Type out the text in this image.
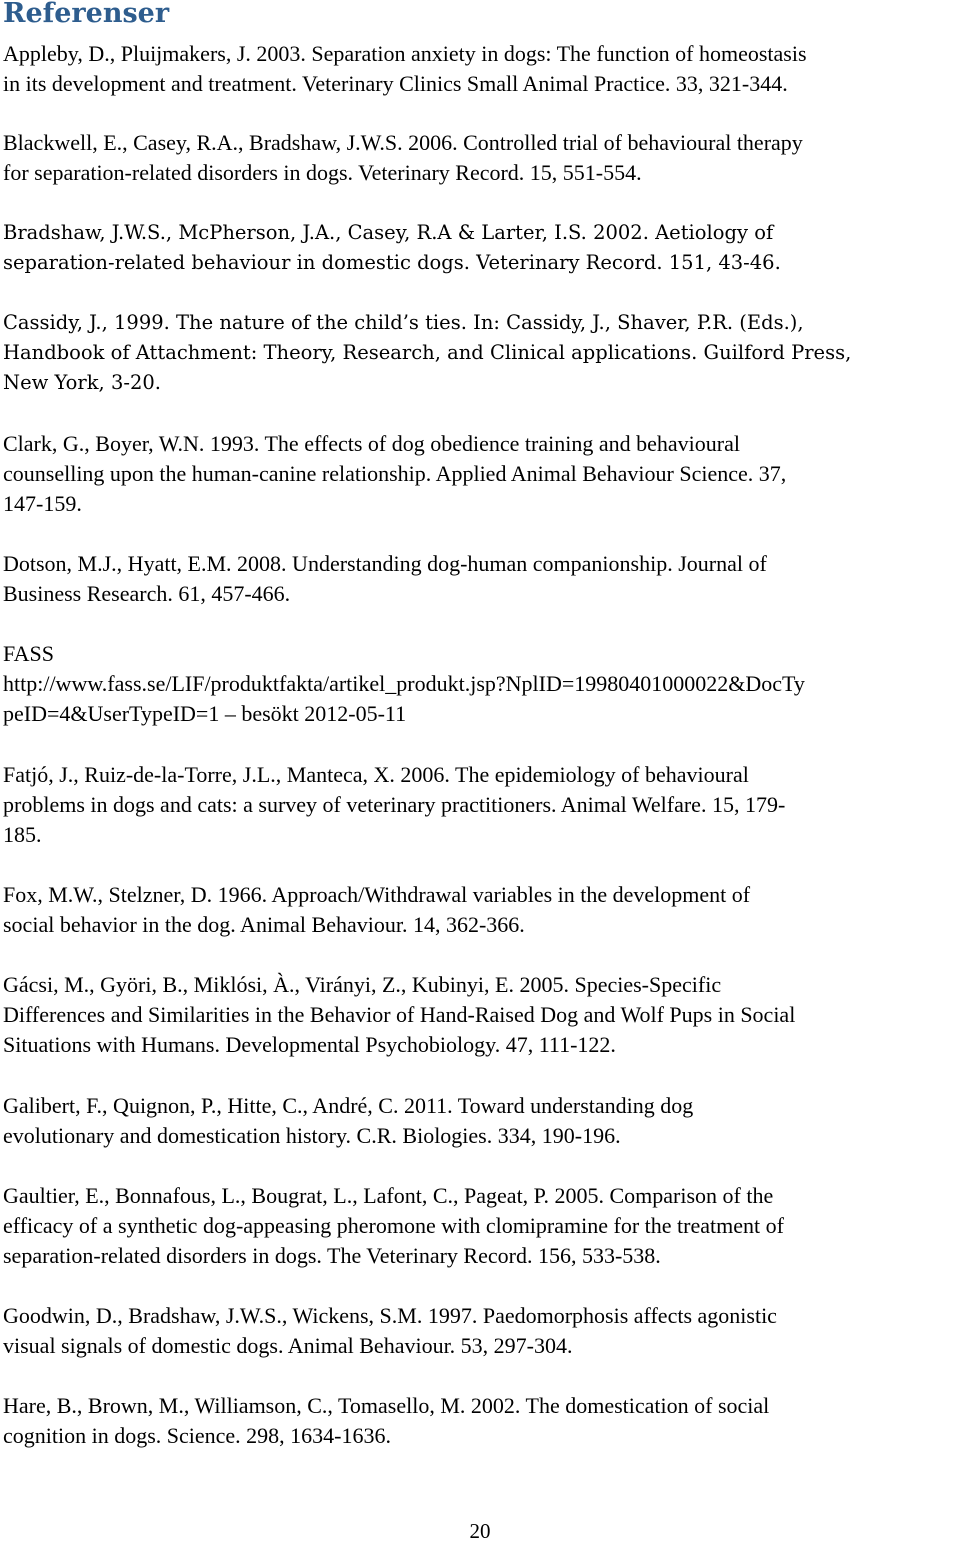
Referenser
Appleby, D., Pluijmakers, J. 2003. Separation anxiety in dogs: The function of homeostasis
in its development and treatment. Veterinary Clinics Small Animal Practice. 33, 321-344.
Blackwell, E., Casey, R.A., Bradshaw, J.W.S. 2006. Controlled trial of behavioural therapy
for separation-related disorders in dogs. Veterinary Record. 15, 551-554.
Bradshaw, J.W.S., McPherson, J.A., Casey, R.A & Larter, I.S. 2002. Aetiology of
separation-related behaviour in domestic dogs. Veterinary Record. 151, 43-46.
Cassidy, J., 1999. The nature of the child’s ties. In: Cassidy, J., Shaver, P.R. (Eds.),
Handbook of Attachment: Theory, Research, and Clinical applications. Guilford Press,
New York, 3-20.
Clark, G., Boyer, W.N. 1993. The effects of dog obedience training and behavioural
counselling upon the human-canine relationship. Applied Animal Behaviour Science. 37,
147-159.
Dotson, M.J., Hyatt, E.M. 2008. Understanding dog-human companionship. Journal of
Business Research. 61, 457-466.
FASS
http://www.fass.se/LIF/produktfakta/artikel_produkt.jsp?NplID=19980401000022&DocTy
peID=4&UserTypeID=1 – besökt 2012-05-11
Fatjó, J., Ruiz-de-la-Torre, J.L., Manteca, X. 2006. The epidemiology of behavioural
problems in dogs and cats: a survey of veterinary practitioners. Animal Welfare. 15, 179-
185.
Fox, M.W., Stelzner, D. 1966. Approach/Withdrawal variables in the development of
social behavior in the dog. Animal Behaviour. 14, 362-366.
Gácsi, M., Györi, B., Miklósi, À., Virányi, Z., Kubinyi, E. 2005. Species-Specific
Differences and Similarities in the Behavior of Hand-Raised Dog and Wolf Pups in Social
Situations with Humans. Developmental Psychobiology. 47, 111-122.
Galibert, F., Quignon, P., Hitte, C., André, C. 2011. Toward understanding dog
evolutionary and domestication history. C.R. Biologies. 334, 190-196.
Gaultier, E., Bonnafous, L., Bougrat, L., Lafont, C., Pageat, P. 2005. Comparison of the
efficacy of a synthetic dog-appeasing pheromone with clomipramine for the treatment of
separation-related disorders in dogs. The Veterinary Record. 156, 533-538.
Goodwin, D., Bradshaw, J.W.S., Wickens, S.M. 1997. Paedomorphosis affects agonistic
visual signals of domestic dogs. Animal Behaviour. 53, 297-304.
Hare, B., Brown, M., Williamson, C., Tomasello, M. 2002. The domestication of social
cognition in dogs. Science. 298, 1634-1636.
20
